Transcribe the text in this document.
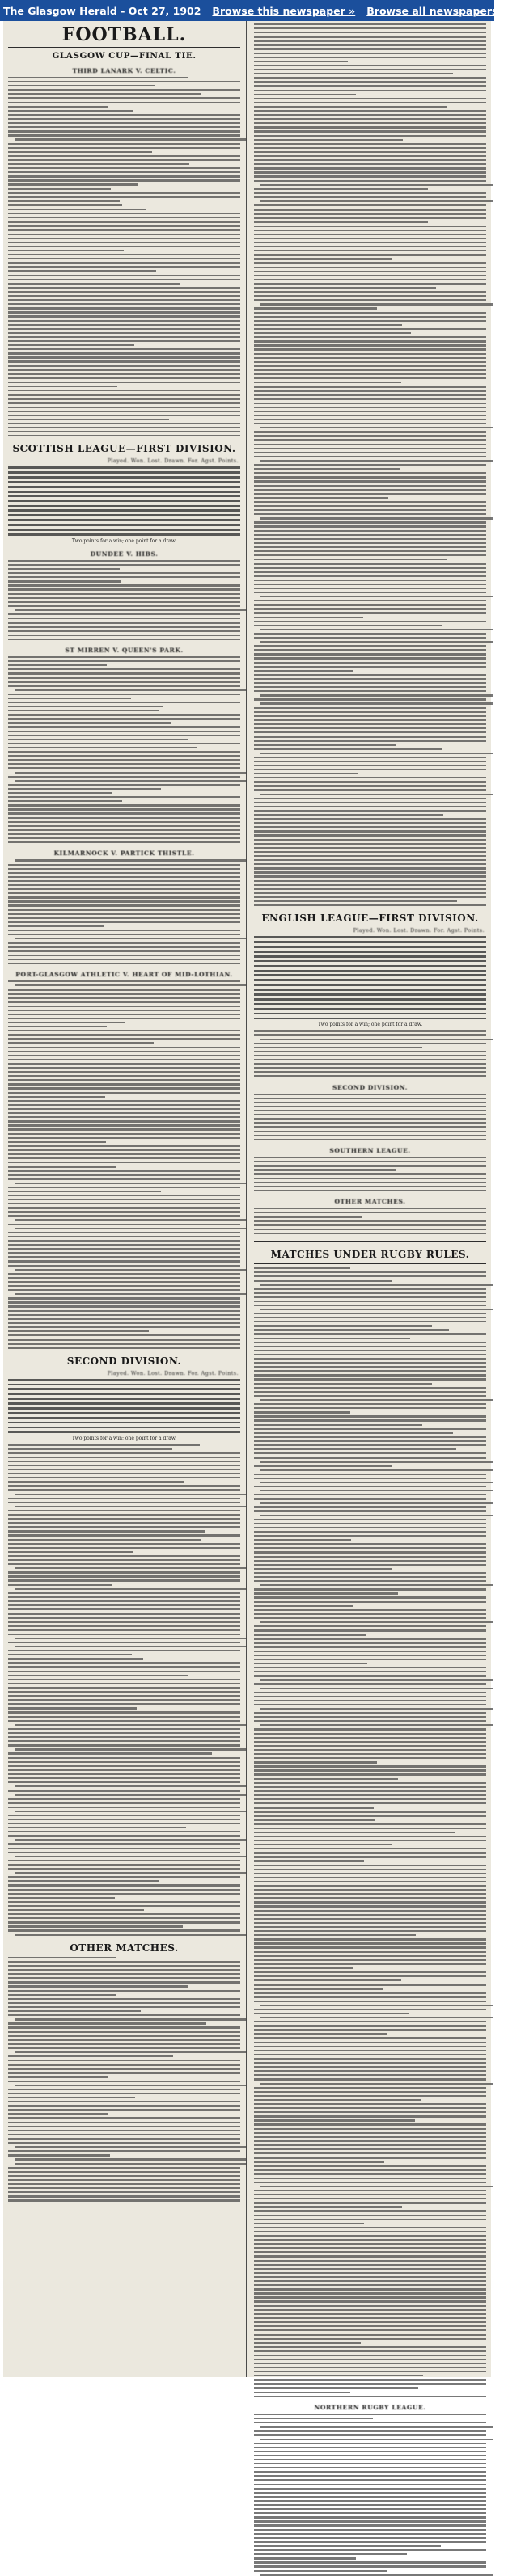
The Glasgow Herald - Oct 27, 1902 Browse this newspaper » Browse all newspapers »
FOOTBALL.
GLASGOW CUP—FINAL TIE.
THIRD LANARK V. CELTIC.
SCOTTISH LEAGUE—FIRST DIVISION.
Played. Won. Lost. Drawn. For. Agst. Points.
Two points for a win; one point for a draw.
DUNDEE V. HIBS.
ST MIRREN V. QUEEN'S PARK.
KILMARNOCK V. PARTICK THISTLE.
PORT-GLASGOW ATHLETIC V. HEART OF MID-LOTHIAN.
SECOND DIVISION.
Played. Won. Lost. Drawn. For. Agst. Points.
Two points for a win; one point for a draw.
OTHER MATCHES.
ENGLISH LEAGUE—FIRST DIVISION.
Played. Won. Lost. Drawn. For. Agst. Points.
Two points for a win; one point for a draw.
SECOND DIVISION.
SOUTHERN LEAGUE.
OTHER MATCHES.
MATCHES UNDER RUGBY RULES.
NORTHERN RUGBY LEAGUE.
